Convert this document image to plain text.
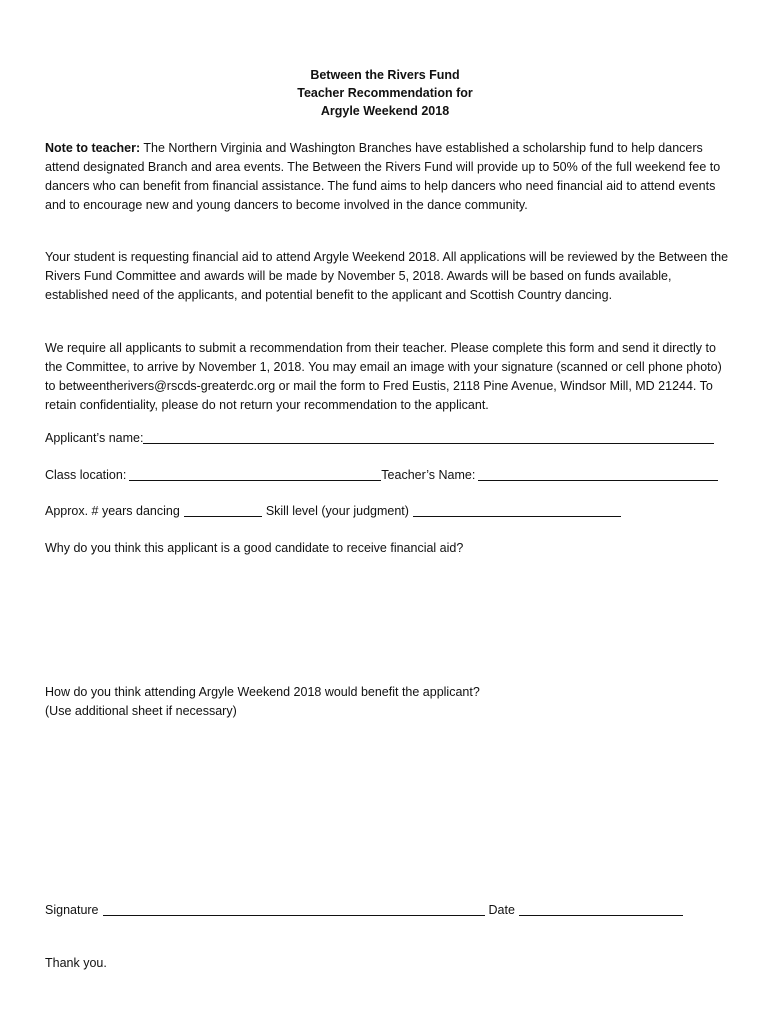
Between the Rivers Fund
Teacher Recommendation for
Argyle Weekend 2018

Note to teacher: The Northern Virginia and Washington Branches have established a scholarship fund to help dancers attend designated Branch and area events. The Between the Rivers Fund will provide up to 50% of the full weekend fee to dancers who can benefit from financial assistance. The fund aims to help dancers who need financial aid to attend events and to encourage new and young dancers to become involved in the dance community.

Your student is requesting financial aid to attend Argyle Weekend 2018. All applications will be reviewed by the Between the Rivers Fund Committee and awards will be made by November 5, 2018. Awards will be based on funds available, established need of the applicants, and potential benefit to the applicant and Scottish Country dancing.

We require all applicants to submit a recommendation from their teacher. Please complete this form and send it directly to the Committee, to arrive by November 1, 2018. You may email an image with your signature (scanned or cell phone photo) to betweentherivers@rscds-greaterdc.org or mail the form to Fred Eustis, 2118 Pine Avenue, Windsor Mill, MD 21244. To retain confidentiality, please do not return your recommendation to the applicant.

Applicant’s name:
Class location:	Teacher’s Name:
Approx. # years dancing	Skill level (your judgment)
Why do you think this applicant is a good candidate to receive financial aid?
How do you think attending Argyle Weekend 2018 would benefit the applicant?
(Use additional sheet if necessary)
Signature	Date
Thank you.
